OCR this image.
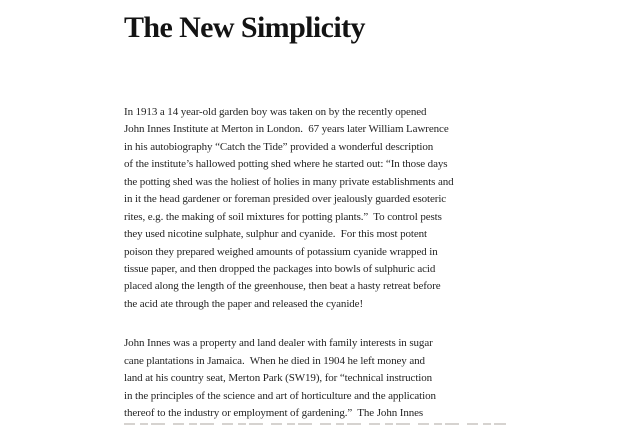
The New Simplicity
In 1913 a 14 year-old garden boy was taken on by the recently opened
John Innes Institute at Merton in London.  67 years later William Lawrence
in his autobiography “Catch the Tide” provided a wonderful description
of the institute’s hallowed potting shed where he started out: “In those days
the potting shed was the holiest of holies in many private establishments and
in it the head gardener or foreman presided over jealously guarded esoteric
rites, e.g. the making of soil mixtures for potting plants.”  To control pests
they used nicotine sulphate, sulphur and cyanide.  For this most potent
poison they prepared weighed amounts of potassium cyanide wrapped in
tissue paper, and then dropped the packages into bowls of sulphuric acid
placed along the length of the greenhouse, then beat a hasty retreat before
the acid ate through the paper and released the cyanide!
John Innes was a property and land dealer with family interests in sugar
cane plantations in Jamaica.  When he died in 1904 he left money and
land at his country seat, Merton Park (SW19), for “technical instruction
in the principles of the science and art of horticulture and the application
thereof to the industry or employment of gardening.”  The John Innes
